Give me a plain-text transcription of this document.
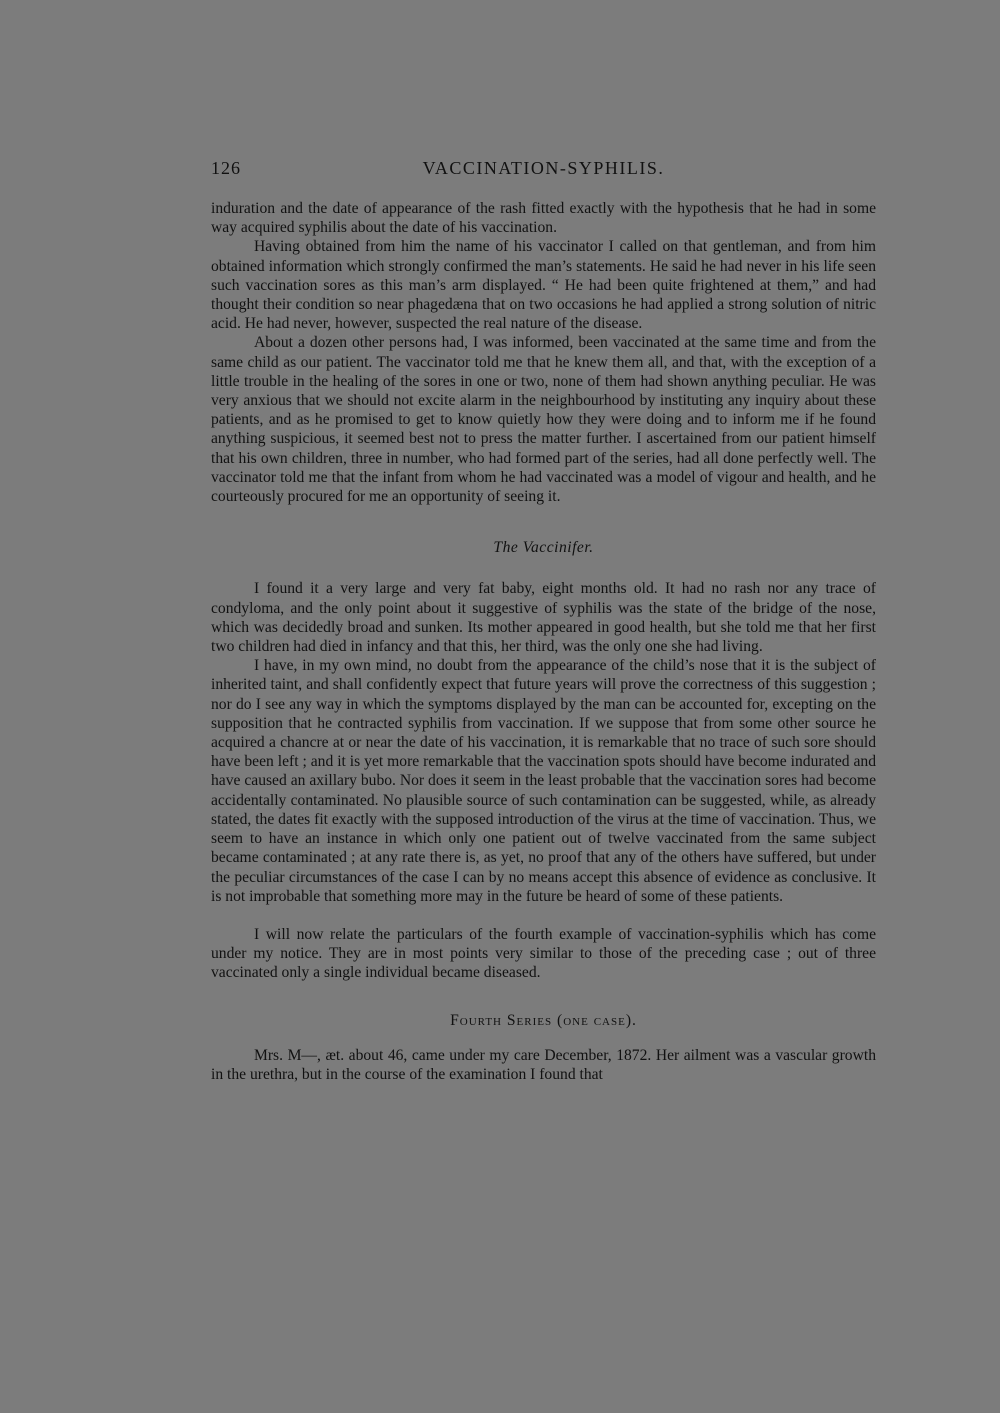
126	VACCINATION-SYPHILIS.

induration and the date of appearance of the rash fitted exactly with the hypothesis that he had in some way acquired syphilis about the date of his vaccination.

Having obtained from him the name of his vaccinator I called on that gentleman, and from him obtained information which strongly confirmed the man’s statements. He said he had never in his life seen such vaccination sores as this man’s arm displayed. “ He had been quite frightened at them,” and had thought their condition so near phagedæna that on two occasions he had applied a strong solution of nitric acid. He had never, however, suspected the real nature of the disease.

About a dozen other persons had, I was informed, been vaccinated at the same time and from the same child as our patient. The vaccinator told me that he knew them all, and that, with the exception of a little trouble in the healing of the sores in one or two, none of them had shown anything peculiar. He was very anxious that we should not excite alarm in the neighbourhood by instituting any inquiry about these patients, and as he promised to get to know quietly how they were doing and to inform me if he found anything suspicious, it seemed best not to press the matter further. I ascertained from our patient himself that his own children, three in number, who had formed part of the series, had all done perfectly well. The vaccinator told me that the infant from whom he had vaccinated was a model of vigour and health, and he courteously procured for me an opportunity of seeing it.

The Vaccinifer.

I found it a very large and very fat baby, eight months old. It had no rash nor any trace of condyloma, and the only point about it suggestive of syphilis was the state of the bridge of the nose, which was decidedly broad and sunken. Its mother appeared in good health, but she told me that her first two children had died in infancy and that this, her third, was the only one she had living.

I have, in my own mind, no doubt from the appearance of the child’s nose that it is the subject of inherited taint, and shall confidently expect that future years will prove the correctness of this suggestion ; nor do I see any way in which the symptoms displayed by the man can be accounted for, excepting on the supposition that he contracted syphilis from vaccination. If we suppose that from some other source he acquired a chancre at or near the date of his vaccination, it is remarkable that no trace of such sore should have been left ; and it is yet more remarkable that the vaccination spots should have become indurated and have caused an axillary bubo. Nor does it seem in the least probable that the vaccination sores had become accidentally contaminated. No plausible source of such contamination can be suggested, while, as already stated, the dates fit exactly with the supposed introduction of the virus at the time of vaccination. Thus, we seem to have an instance in which only one patient out of twelve vaccinated from the same subject became contaminated ; at any rate there is, as yet, no proof that any of the others have suffered, but under the peculiar circumstances of the case I can by no means accept this absence of evidence as conclusive. It is not improbable that something more may in the future be heard of some of these patients.

I will now relate the particulars of the fourth example of vaccination-syphilis which has come under my notice. They are in most points very similar to those of the preceding case ; out of three vaccinated only a single individual became diseased.

Fourth Series (one case).

Mrs. M—, æt. about 46, came under my care December, 1872. Her ailment was a vascular growth in the urethra, but in the course of the examination I found that
